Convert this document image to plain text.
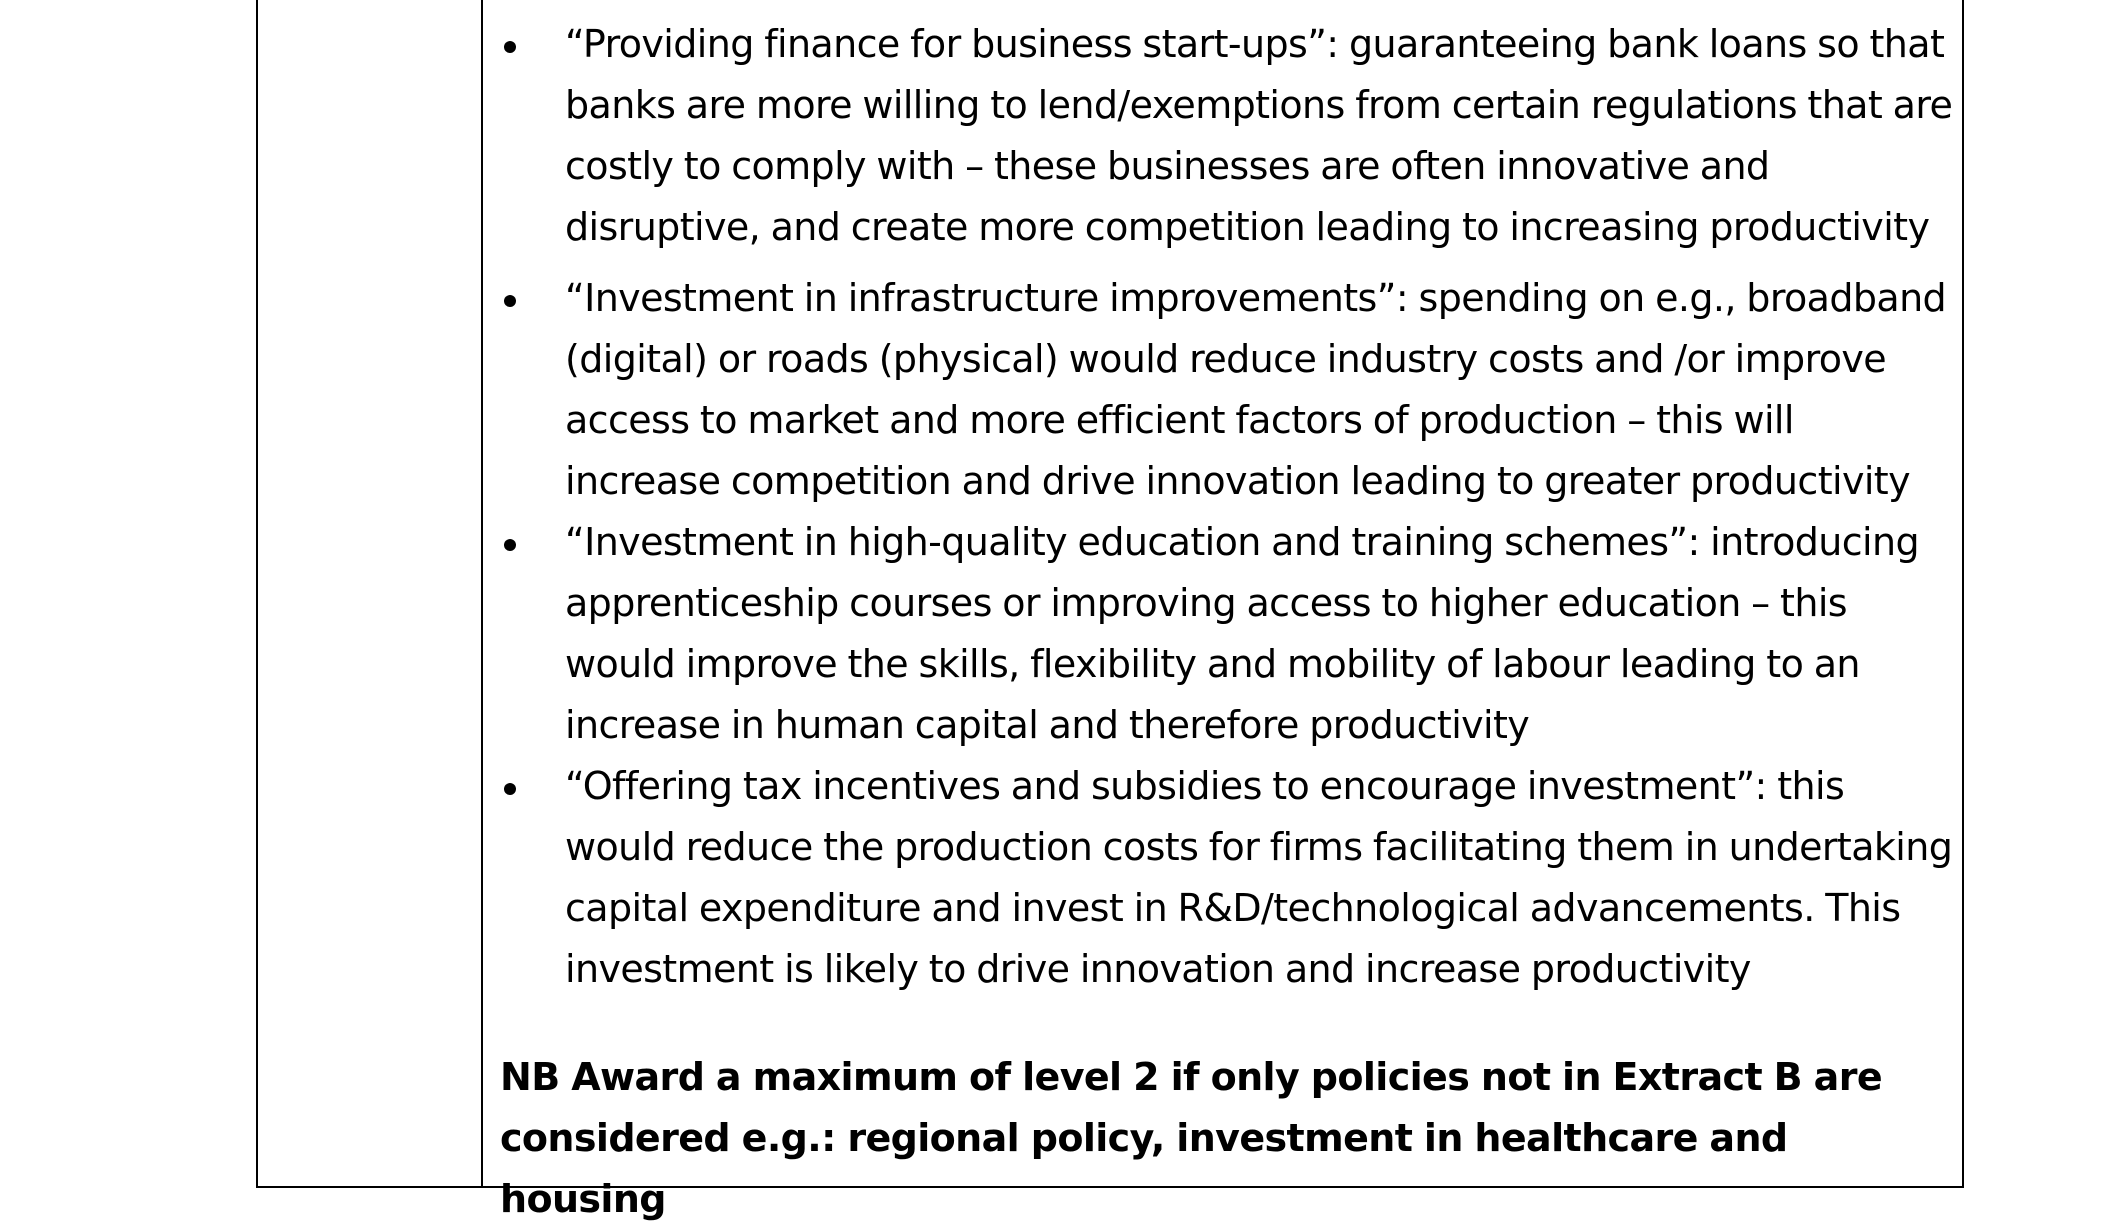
“Providing finance for business start-ups”: guaranteeing bank loans so that banks are more willing to lend/exemptions from certain regulations that are costly to comply with – these businesses are often innovative and disruptive, and create more competition leading to increasing productivity
“Investment in infrastructure improvements”: spending on e.g., broadband (digital) or roads (physical) would reduce industry costs and /or improve access to market and more efficient factors of production – this will increase competition and drive innovation leading to greater productivity
“Investment in high-quality education and training schemes”: introducing apprenticeship courses or improving access to higher education – this would improve the skills, flexibility and mobility of labour leading to an increase in human capital and therefore productivity
“Offering tax incentives and subsidies to encourage investment”: this would reduce the production costs for firms facilitating them in undertaking capital expenditure and invest in R&D/technological advancements. This investment is likely to drive innovation and increase productivity
NB Award a maximum of level 2 if only policies not in Extract B are considered e.g.: regional policy, investment in healthcare and housing
